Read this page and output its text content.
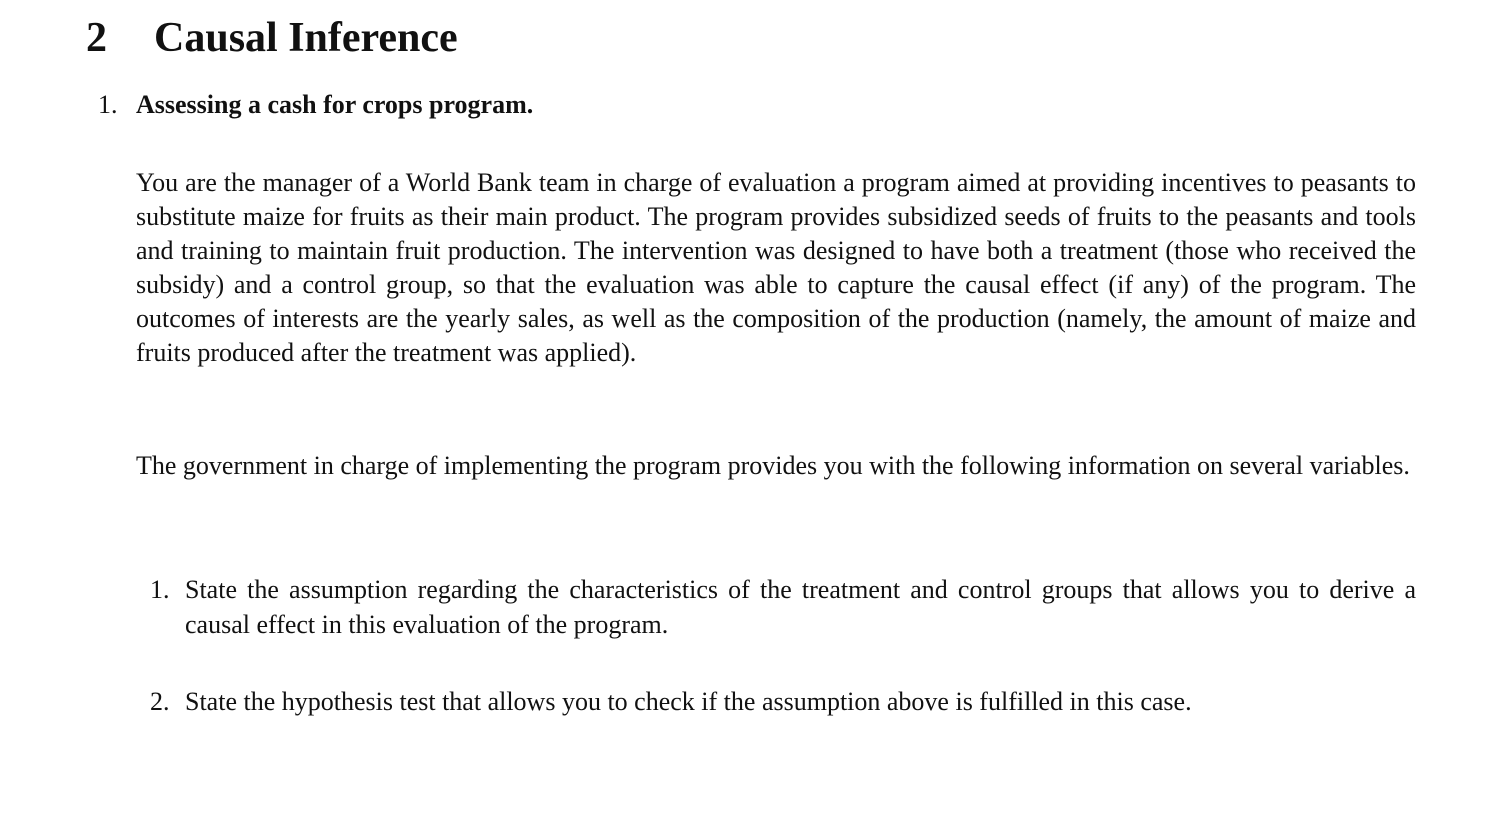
2 Causal Inference
1. Assessing a cash for crops program.

You are the manager of a World Bank team in charge of evaluation a program aimed at providing incentives to peasants to substitute maize for fruits as their main product. The program provides subsidized seeds of fruits to the peasants and tools and training to maintain fruit production. The intervention was designed to have both a treatment (those who received the subsidy) and a control group, so that the evaluation was able to capture the causal effect (if any) of the program. The outcomes of interests are the yearly sales, as well as the composition of the production (namely, the amount of maize and fruits produced after the treatment was applied).

The government in charge of implementing the program provides you with the following information on several variables.

1. State the assumption regarding the characteristics of the treatment and control groups that allows you to derive a causal effect in this evaluation of the program.
2. State the hypothesis test that allows you to check if the assumption above is fulfilled in this case.
